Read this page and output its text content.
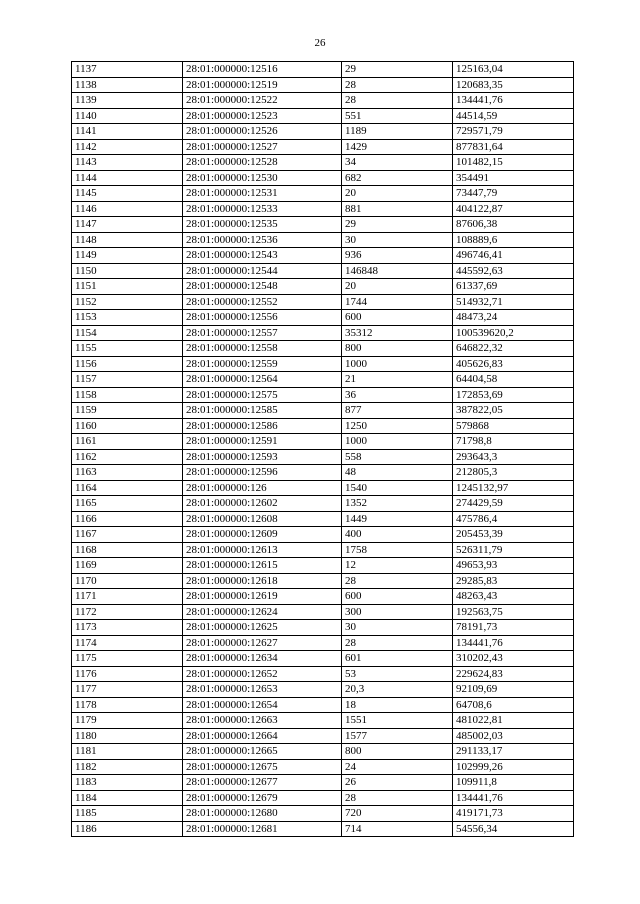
26
1137	28:01:000000:12516	29	125163,04
1138	28:01:000000:12519	28	120683,35
1139	28:01:000000:12522	28	134441,76
1140	28:01:000000:12523	551	44514,59
1141	28:01:000000:12526	1189	729571,79
1142	28:01:000000:12527	1429	877831,64
1143	28:01:000000:12528	34	101482,15
1144	28:01:000000:12530	682	354491
1145	28:01:000000:12531	20	73447,79
1146	28:01:000000:12533	881	404122,87
1147	28:01:000000:12535	29	87606,38
1148	28:01:000000:12536	30	108889,6
1149	28:01:000000:12543	936	496746,41
1150	28:01:000000:12544	146848	445592,63
1151	28:01:000000:12548	20	61337,69
1152	28:01:000000:12552	1744	514932,71
1153	28:01:000000:12556	600	48473,24
1154	28:01:000000:12557	35312	100539620,2
1155	28:01:000000:12558	800	646822,32
1156	28:01:000000:12559	1000	405626,83
1157	28:01:000000:12564	21	64404,58
1158	28:01:000000:12575	36	172853,69
1159	28:01:000000:12585	877	387822,05
1160	28:01:000000:12586	1250	579868
1161	28:01:000000:12591	1000	71798,8
1162	28:01:000000:12593	558	293643,3
1163	28:01:000000:12596	48	212805,3
1164	28:01:000000:126	1540	1245132,97
1165	28:01:000000:12602	1352	274429,59
1166	28:01:000000:12608	1449	475786,4
1167	28:01:000000:12609	400	205453,39
1168	28:01:000000:12613	1758	526311,79
1169	28:01:000000:12615	12	49653,93
1170	28:01:000000:12618	28	29285,83
1171	28:01:000000:12619	600	48263,43
1172	28:01:000000:12624	300	192563,75
1173	28:01:000000:12625	30	78191,73
1174	28:01:000000:12627	28	134441,76
1175	28:01:000000:12634	601	310202,43
1176	28:01:000000:12652	53	229624,83
1177	28:01:000000:12653	20,3	92109,69
1178	28:01:000000:12654	18	64708,6
1179	28:01:000000:12663	1551	481022,81
1180	28:01:000000:12664	1577	485002,03
1181	28:01:000000:12665	800	291133,17
1182	28:01:000000:12675	24	102999,26
1183	28:01:000000:12677	26	109911,8
1184	28:01:000000:12679	28	134441,76
1185	28:01:000000:12680	720	419171,73
1186	28:01:000000:12681	714	54556,34
